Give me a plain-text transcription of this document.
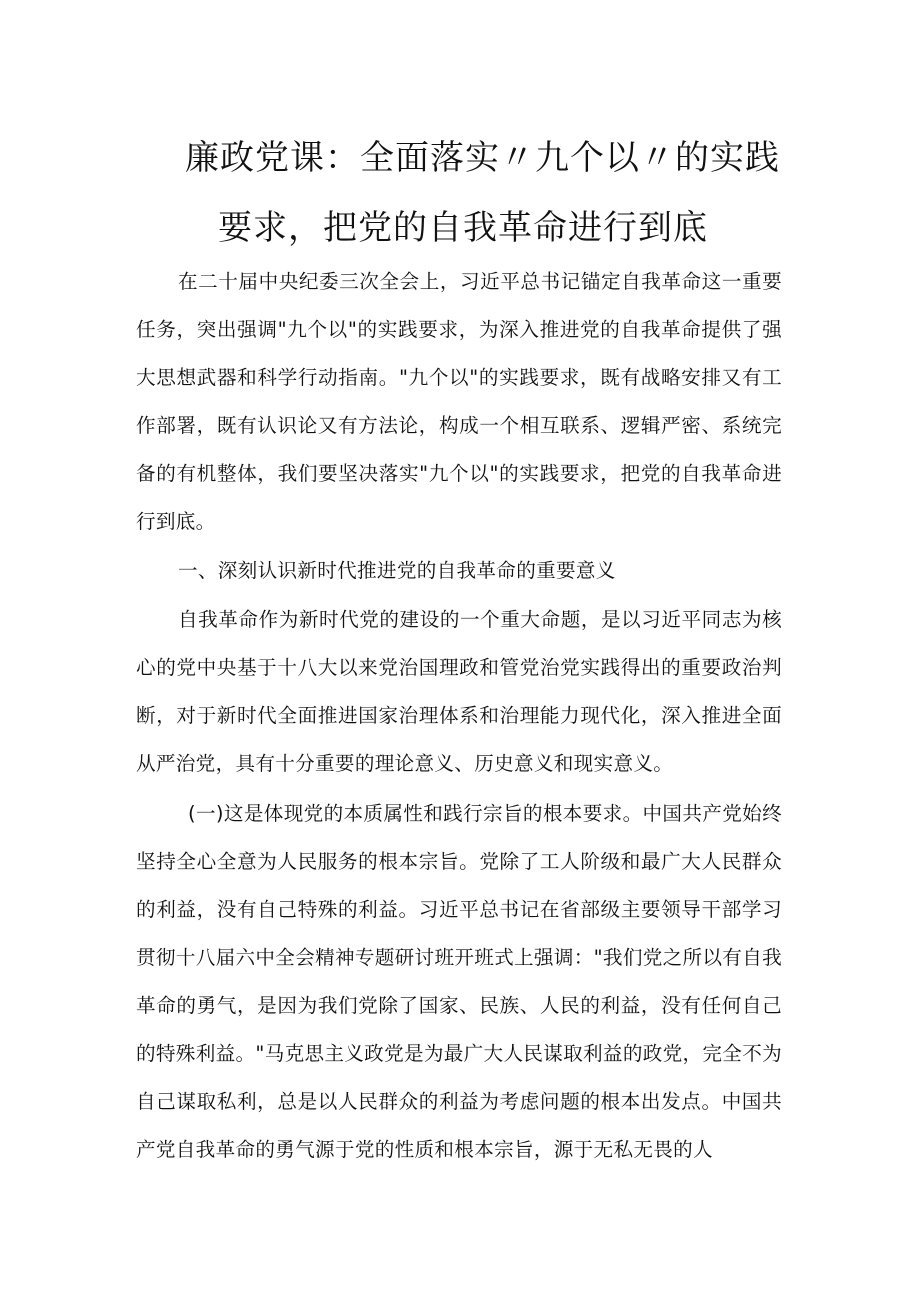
廉政党课：全面落实〃九个以〃的实践
要求，把党的自我革命进行到底

在二十届中央纪委三次全会上，习近平总书记锚定自我革命这一重要任务，突出强调"九个以"的实践要求，为深入推进党的自我革命提供了强大思想武器和科学行动指南。"九个以"的实践要求，既有战略安排又有工作部署，既有认识论又有方法论，构成一个相互联系、逻辑严密、系统完备的有机整体，我们要坚决落实"九个以"的实践要求，把党的自我革命进行到底。

一、深刻认识新时代推进党的自我革命的重要意义

自我革命作为新时代党的建设的一个重大命题，是以习近平同志为核心的党中央基于十八大以来党治国理政和管党治党实践得出的重要政治判断，对于新时代全面推进国家治理体系和治理能力现代化，深入推进全面从严治党，具有十分重要的理论意义、历史意义和现实意义。

(一)这是体现党的本质属性和践行宗旨的根本要求。中国共产党始终坚持全心全意为人民服务的根本宗旨。党除了工人阶级和最广大人民群众的利益，没有自己特殊的利益。习近平总书记在省部级主要领导干部学习贯彻十八届六中全会精神专题研讨班开班式上强调："我们党之所以有自我革命的勇气，是因为我们党除了国家、民族、人民的利益，没有任何自己的特殊利益。"马克思主义政党是为最广大人民谋取利益的政党，完全不为自己谋取私利，总是以人民群众的利益为考虑问题的根本出发点。中国共产党自我革命的勇气源于党的性质和根本宗旨，源于无私无畏的人
